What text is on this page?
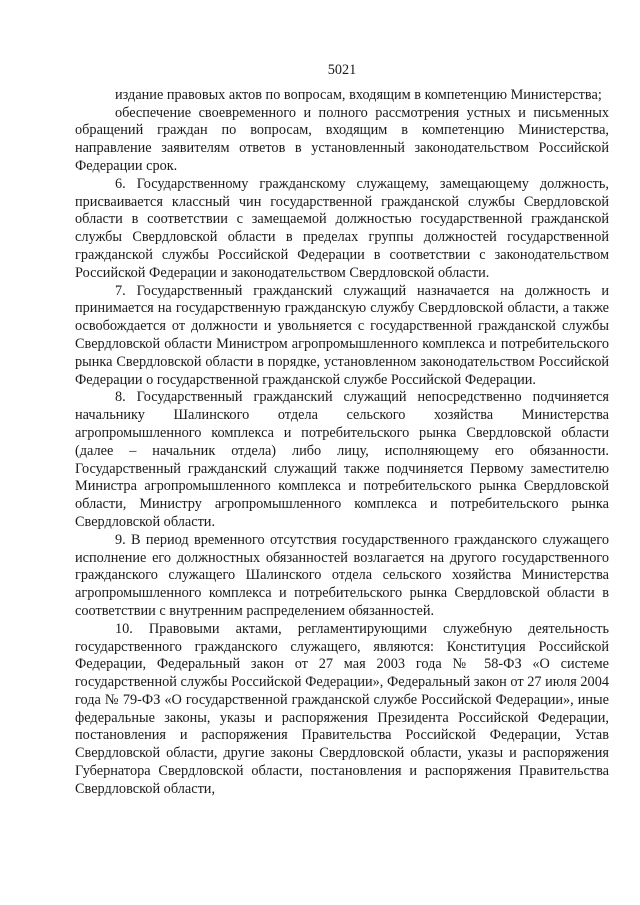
5021

издание правовых актов по вопросам, входящим в компетенцию Министерства;

обеспечение своевременного и полного рассмотрения устных и письменных обращений граждан по вопросам, входящим в компетенцию Министерства, направление заявителям ответов в установленный законодательством Российской Федерации срок.

6. Государственному гражданскому служащему, замещающему должность, присваивается классный чин государственной гражданской службы Свердловской области в соответствии с замещаемой должностью государственной гражданской службы Свердловской области в пределах группы должностей государственной гражданской службы Российской Федерации в соответствии с законодательством Российской Федерации и законодательством Свердловской области.

7. Государственный гражданский служащий назначается на должность и принимается на государственную гражданскую службу Свердловской области, а также освобождается от должности и увольняется с государственной гражданской службы Свердловской области Министром агропромышленного комплекса и потребительского рынка Свердловской области в порядке, установленном законодательством Российской Федерации о государственной гражданской службе Российской Федерации.

8. Государственный гражданский служащий непосредственно подчиняется начальнику Шалинского отдела сельского хозяйства Министерства агропромышленного комплекса и потребительского рынка Свердловской области (далее – начальник отдела) либо лицу, исполняющему его обязанности. Государственный гражданский служащий также подчиняется Первому заместителю Министра агропромышленного комплекса и потребительского рынка Свердловской области, Министру агропромышленного комплекса и потребительского рынка Свердловской области.

9. В период временного отсутствия государственного гражданского служащего исполнение его должностных обязанностей возлагается на другого государственного гражданского служащего Шалинского отдела сельского хозяйства Министерства агропромышленного комплекса и потребительского рынка Свердловской области в соответствии с внутренним распределением обязанностей.

10. Правовыми актами, регламентирующими служебную деятельность государственного гражданского служащего, являются: Конституция Российской Федерации, Федеральный закон от 27 мая 2003 года № 58-ФЗ «О системе государственной службы Российской Федерации», Федеральный закон от 27 июля 2004 года № 79-ФЗ «О государственной гражданской службе Российской Федерации», иные федеральные законы, указы и распоряжения Президента Российской Федерации, постановления и распоряжения Правительства Российской Федерации, Устав Свердловской области, другие законы Свердловской области, указы и распоряжения Губернатора Свердловской области, постановления и распоряжения Правительства Свердловской области,
